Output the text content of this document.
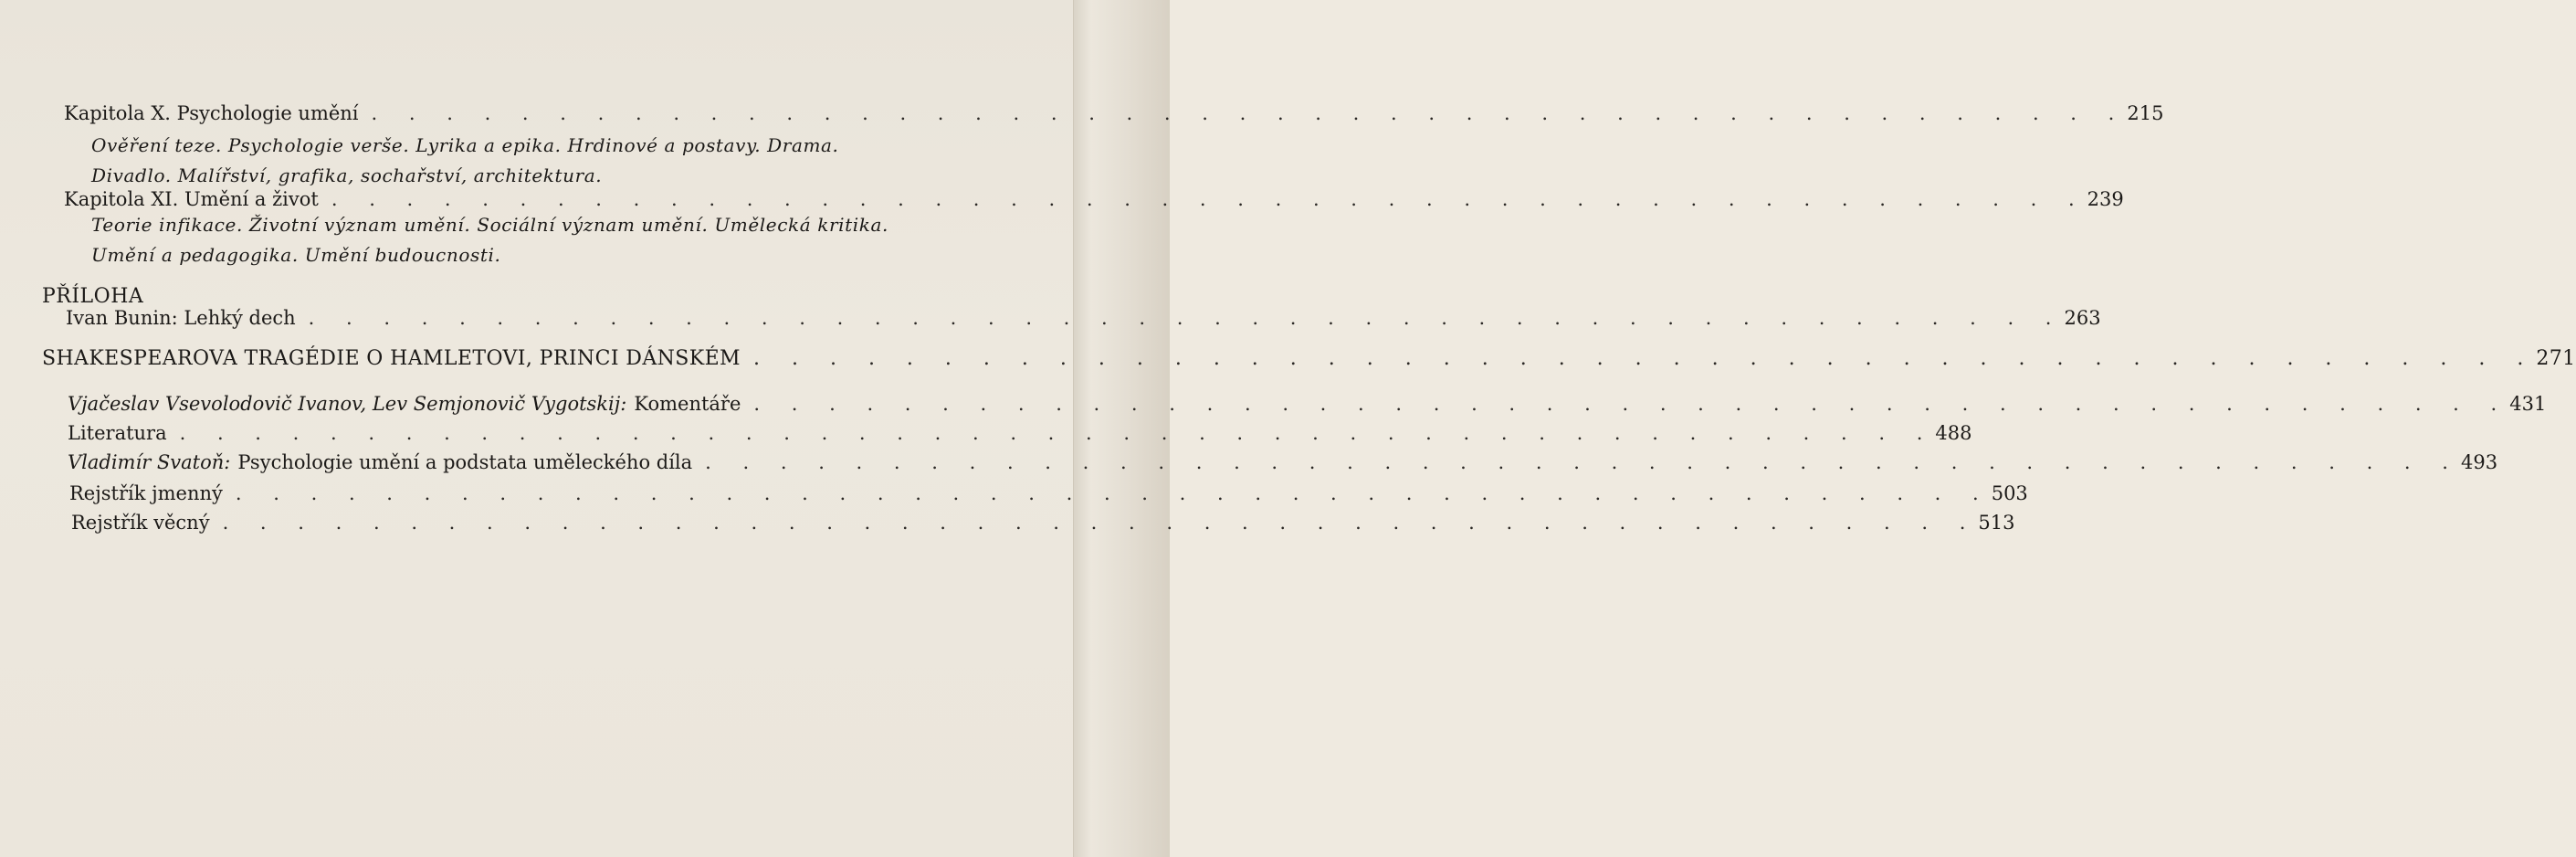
Kapitola X. Psychologie umění . . . . . . . . . . . . . . . . . . . . . . . . . . . . . . . . . . . . . . . . . . . . . . . 215
Ověření teze. Psychologie verše. Lyrika a epika. Hrdinové a postavy. Drama. Divadlo. Malířství, grafika, sochařství, architektura.
Kapitola XI. Umění a život . . . . . . . . . . . . . . . . . . . . . . . . . . . . . . . . . . . . . . . . . . . . . . . 239
Teorie infikace. Životní význam umění. Sociální význam umění. Umělecká kritika. Umění a pedagogika. Umění budoucnosti.
PŘÍLOHA
Ivan Bunin: Lehký dech . . . . . . . . . . . . . . . . . . . . . . . . . . . . . . . . . . . . . . . . . . . . . . . 263
SHAKESPEAROVA TRAGÉDIE O HAMLETOVI, PRINCI DÁNSKÉM . . . . . . . . . . . . . . . . . . . . . . . . . . . . . . . . . . . . . . . . . . . . . . . 271
Vjačeslav Vsevolodovič Ivanov, Lev Semjonovič Vygotskij: Komentáře . . . . . . . . . . . . . . . . . . . . . . . . . . . . . . . . . . . . . . . . . . . . . . . 431
Literatura . . . . . . . . . . . . . . . . . . . . . . . . . . . . . . . . . . . . . . . . . . . . . . . 488
Vladimír Svatoň: Psychologie umění a podstata uměleckého díla . . . . . . . . . . . . . . . . . . . . . . . . . . . . . . . . . . . . . . . . . . . . . . . 493
Rejstřík jmenný . . . . . . . . . . . . . . . . . . . . . . . . . . . . . . . . . . . . . . . . . . . . . . . 503
Rejstřík věcný . . . . . . . . . . . . . . . . . . . . . . . . . . . . . . . . . . . . . . . . . . . . . . . 513
